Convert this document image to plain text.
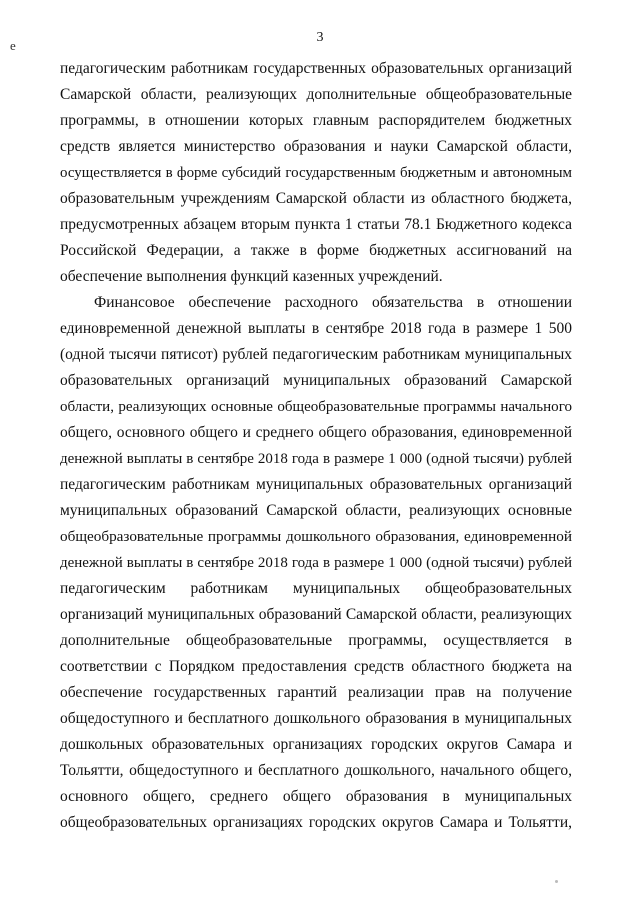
е
3
педагогическим работникам государственных образовательных организаций
Самарской области, реализующих дополнительные общеобразовательные
программы, в отношении которых главным распорядителем бюджетных
средств является министерство образования и науки Самарской области,
осуществляется в форме субсидий государственным бюджетным и автономным
образовательным учреждениям Самарской области из областного бюджета,
предусмотренных абзацем вторым пункта 1 статьи 78.1 Бюджетного кодекса
Российской Федерации, а также в форме бюджетных ассигнований на
обеспечение выполнения функций казенных учреждений.
Финансовое обеспечение расходного обязательства в отношении
единовременной денежной выплаты в сентябре 2018 года в размере 1 500
(одной тысячи пятисот) рублей педагогическим работникам муниципальных
образовательных организаций муниципальных образований Самарской
области, реализующих основные общеобразовательные программы начального
общего, основного общего и среднего общего образования, единовременной
денежной выплаты в сентябре 2018 года в размере 1 000 (одной тысячи) рублей
педагогическим работникам муниципальных образовательных организаций
муниципальных образований Самарской области, реализующих основные
общеобразовательные программы дошкольного образования, единовременной
денежной выплаты в сентябре 2018 года в размере 1 000 (одной тысячи) рублей
педагогическим работникам муниципальных общеобразовательных
организаций муниципальных образований Самарской области, реализующих
дополнительные общеобразовательные программы, осуществляется в
соответствии с Порядком предоставления средств областного бюджета на
обеспечение государственных гарантий реализации прав на получение
общедоступного и бесплатного дошкольного образования в муниципальных
дошкольных образовательных организациях городских округов Самара и
Тольятти, общедоступного и бесплатного дошкольного, начального общего,
основного общего, среднего общего образования в муниципальных
общеобразовательных организациях городских округов Самара и Тольятти,
